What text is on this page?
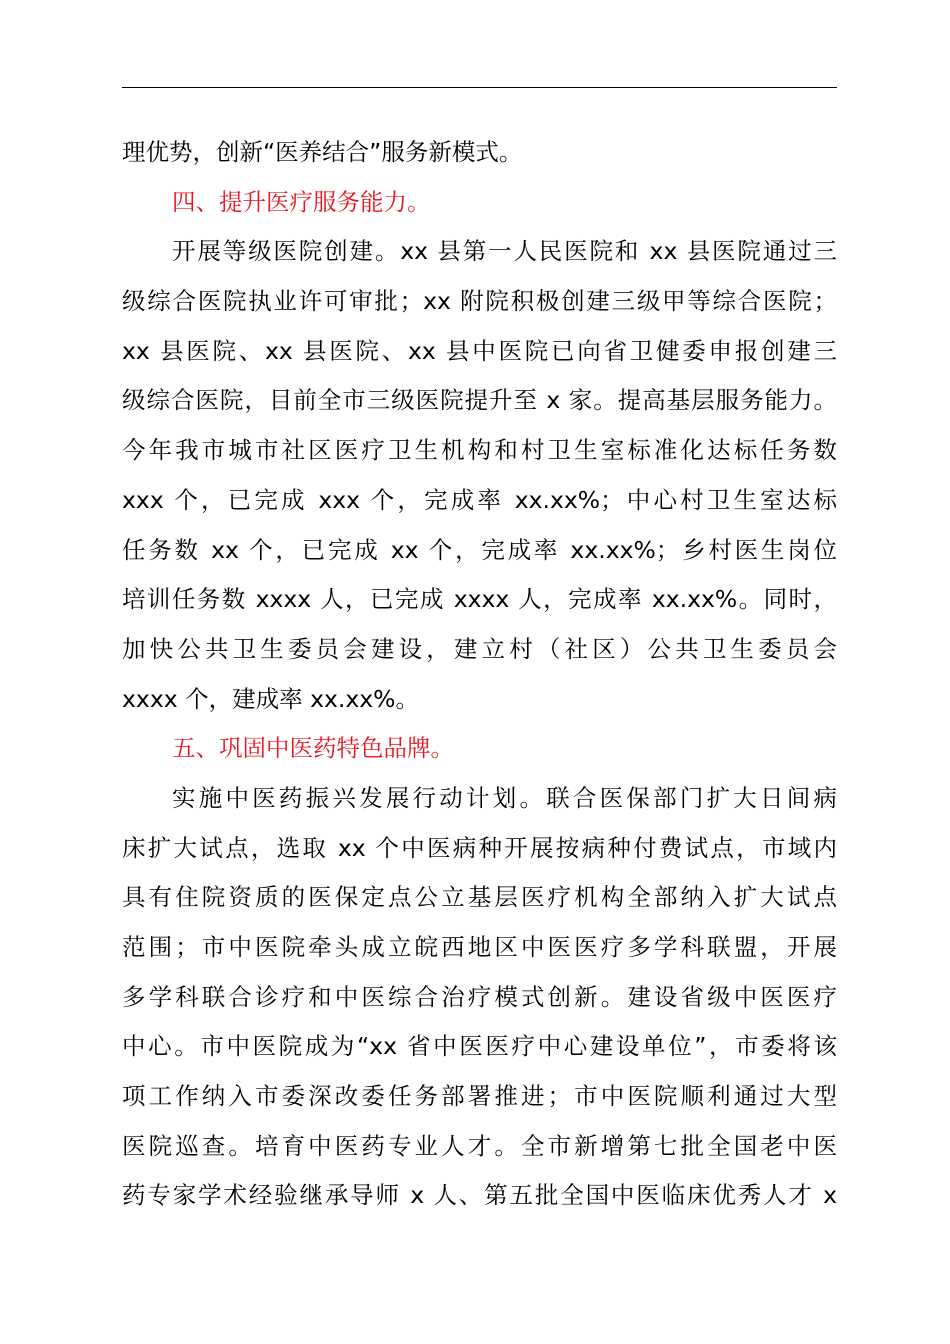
理优势，创新“医养结合”服务新模式。
四、提升医疗服务能力。
开展等级医院创建。xx 县第一人民医院和 xx 县医院通过三
级综合医院执业许可审批；xx 附院积极创建三级甲等综合医院；
xx 县医院、xx 县医院、xx 县中医院已向省卫健委申报创建三
级综合医院，目前全市三级医院提升至 x 家。提高基层服务能力。
今年我市城市社区医疗卫生机构和村卫生室标准化达标任务数
xxx 个，已完成 xxx 个，完成率 xx.xx%；中心村卫生室达标
任务数 xx 个，已完成 xx 个，完成率 xx.xx%；乡村医生岗位
培训任务数 xxxx 人，已完成 xxxx 人，完成率 xx.xx%。同时，
加快公共卫生委员会建设，建立村（社区）公共卫生委员会
xxxx 个，建成率 xx.xx%。
五、巩固中医药特色品牌。
实施中医药振兴发展行动计划。联合医保部门扩大日间病
床扩大试点，选取 xx 个中医病种开展按病种付费试点，市域内
具有住院资质的医保定点公立基层医疗机构全部纳入扩大试点
范围；市中医院牵头成立皖西地区中医医疗多学科联盟，开展
多学科联合诊疗和中医综合治疗模式创新。建设省级中医医疗
中心。市中医院成为“xx 省中医医疗中心建设单位”，市委将该
项工作纳入市委深改委任务部署推进；市中医院顺利通过大型
医院巡查。培育中医药专业人才。全市新增第七批全国老中医
药专家学术经验继承导师 x 人、第五批全国中医临床优秀人才 x
